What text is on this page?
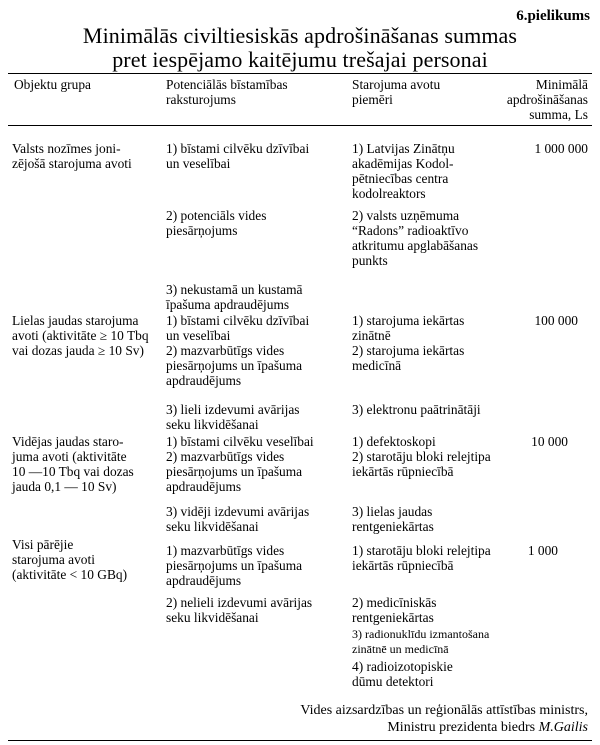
6.pielikums
Minimālās civiltiesiskās apdrošināšanas summas
pret iespējamo kaitējumu trešajai personai
Objektu grupa	Potenciālās bīstamības
raksturojums
Starojuma avotu
piemēri
Minimālā
apdrošināšanas
summa, Ls
Valsts nozīmes joni-
zējošā starojuma avoti
1) bīstami cilvēku dzīvībai
un veselībai
2) potenciāls vides
piesārņojums
3) nekustamā un kustamā
īpašuma apdraudējums
1) Latvijas Zinātņu
akadēmijas Kodol-
pētniecības centra
kodolreaktors
2) valsts uzņēmuma
“Radons” radioaktīvo
atkritumu apglabāšanas
punkts
1 000 000
Lielas jaudas starojuma
avoti (aktivitāte ≥ 10 Tbq
vai dozas jauda ≥ 10 Sv)
1) bīstami cilvēku dzīvībai
un veselībai
2) mazvarbūtīgs vides
piesārņojums un īpašuma
apdraudējums
3) lieli izdevumi avārijas
seku likvidēšanai
1) starojuma iekārtas
zinātnē
2) starojuma iekārtas
medicīnā
3) elektronu paātrinātāji
100 000
Vidējas jaudas staro-
juma avoti (aktivitāte
10 —10 Tbq vai dozas
jauda 0,1 — 10 Sv)
1) bīstami cilvēku veselībai
2) mazvarbūtīgs vides
piesārņojums un īpašuma
apdraudējums
3) vidēji izdevumi avārijas
seku likvidēšanai
1) defektoskopi
2) starotāju bloki relejtipa
iekārtās rūpniecībā
3) lielas jaudas
rentgeniekārtas
10 000
Visi pārējie
starojuma avoti
(aktivitāte < 10 GBq)
1) mazvarbūtīgs vides
piesārņojums un īpašuma
apdraudējums
2) nelieli izdevumi avārijas
seku likvidēšanai
1) starotāju bloki relejtipa
iekārtās rūpniecībā
2) medicīniskās
rentgeniekārtas
3) radionuklīdu izmantošana
zinātnē un medicīnā
4) radioizotopiskie
dūmu detektori
1 000
Vides aizsardzības un reģionālās attīstības ministrs,
Ministru prezidenta biedrs M.Gailis
